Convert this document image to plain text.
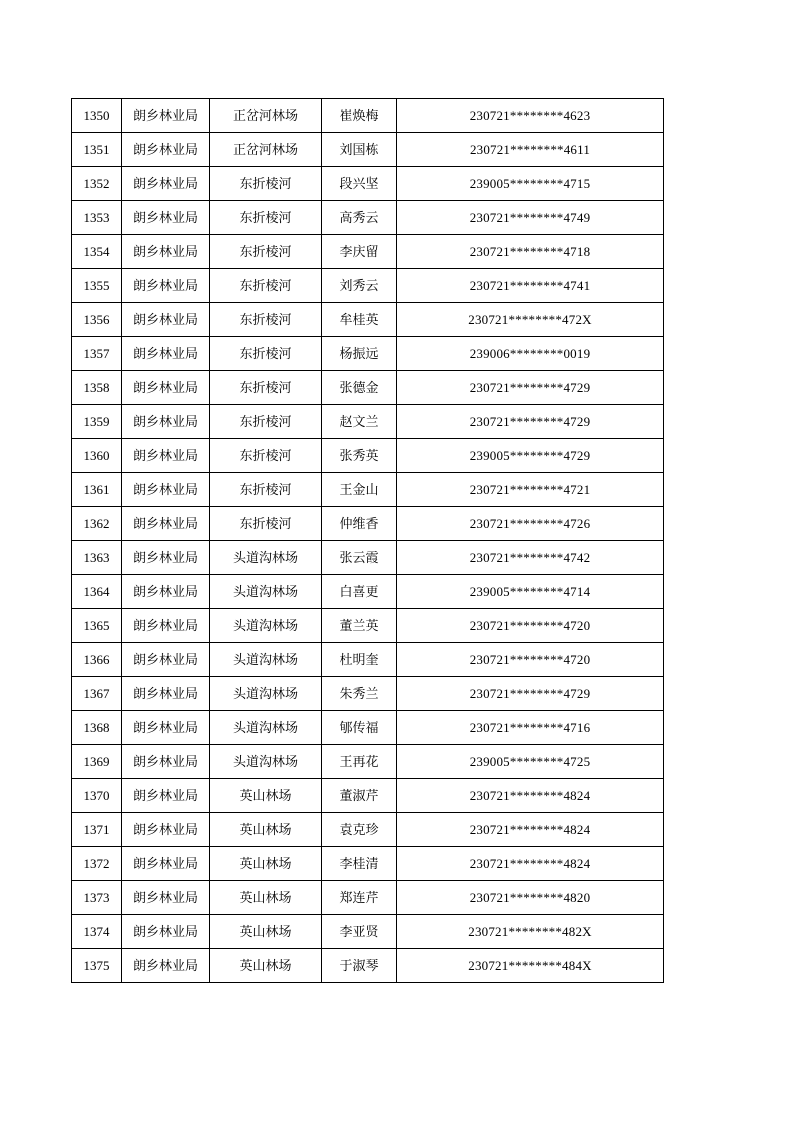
1350	朗乡林业局	正岔河林场	崔焕梅	230721********4623
1351	朗乡林业局	正岔河林场	刘国栋	230721********4611
1352	朗乡林业局	东折棱河	段兴坚	239005********4715
1353	朗乡林业局	东折棱河	高秀云	230721********4749
1354	朗乡林业局	东折棱河	李庆留	230721********4718
1355	朗乡林业局	东折棱河	刘秀云	230721********4741
1356	朗乡林业局	东折棱河	牟桂英	230721********472X
1357	朗乡林业局	东折棱河	杨振远	239006********0019
1358	朗乡林业局	东折棱河	张德金	230721********4729
1359	朗乡林业局	东折棱河	赵文兰	230721********4729
1360	朗乡林业局	东折棱河	张秀英	239005********4729
1361	朗乡林业局	东折棱河	王金山	230721********4721
1362	朗乡林业局	东折棱河	仲维香	230721********4726
1363	朗乡林业局	头道沟林场	张云霞	230721********4742
1364	朗乡林业局	头道沟林场	白喜更	239005********4714
1365	朗乡林业局	头道沟林场	董兰英	230721********4720
1366	朗乡林业局	头道沟林场	杜明奎	230721********4720
1367	朗乡林业局	头道沟林场	朱秀兰	230721********4729
1368	朗乡林业局	头道沟林场	郇传福	230721********4716
1369	朗乡林业局	头道沟林场	王再花	239005********4725
1370	朗乡林业局	英山林场	董淑芹	230721********4824
1371	朗乡林业局	英山林场	袁克珍	230721********4824
1372	朗乡林业局	英山林场	李桂清	230721********4824
1373	朗乡林业局	英山林场	郑连芹	230721********4820
1374	朗乡林业局	英山林场	李亚贤	230721********482X
1375	朗乡林业局	英山林场	于淑琴	230721********484X
